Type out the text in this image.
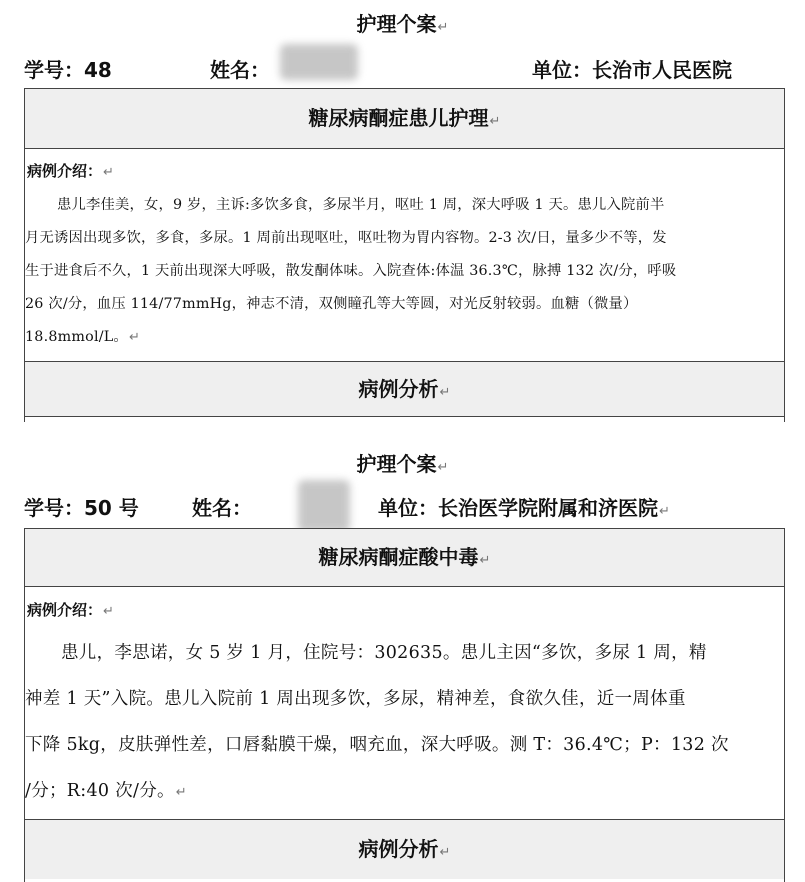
护理个案↵
学号：48	姓名：	单位：长治市人民医院
糖尿病酮症患儿护理↵
病例介绍：↵
患儿李佳美，女，9 岁，主诉:多饮多食，多尿半月，呕吐 1 周，深大呼吸 1 天。患儿入院前半
月无诱因出现多饮，多食，多尿。1 周前出现呕吐，呕吐物为胃内容物。2-3 次/日，量多少不等，发
生于进食后不久，1 天前出现深大呼吸，散发酮体味。入院查体:体温 36.3℃，脉搏 132 次/分，呼吸
26 次/分，血压 114/77mmHg，神志不清，双侧瞳孔等大等圆，对光反射较弱。血糖（微量）
18.8mmol/L。↵
病例分析↵
护理个案↵
学号：50 号	姓名：	单位：长治医学院附属和济医院↵
糖尿病酮症酸中毒↵
病例介绍：↵
患儿，李思诺，女 5 岁 1 月，住院号：302635。患儿主因“多饮，多尿 1 周，精
神差 1 天”入院。患儿入院前 1 周出现多饮，多尿，精神差，食欲久佳，近一周体重
下降 5kg，皮肤弹性差，口唇黏膜干燥，咽充血，深大呼吸。测 T：36.4℃；P：132 次
/分；R:40 次/分。↵
病例分析↵
